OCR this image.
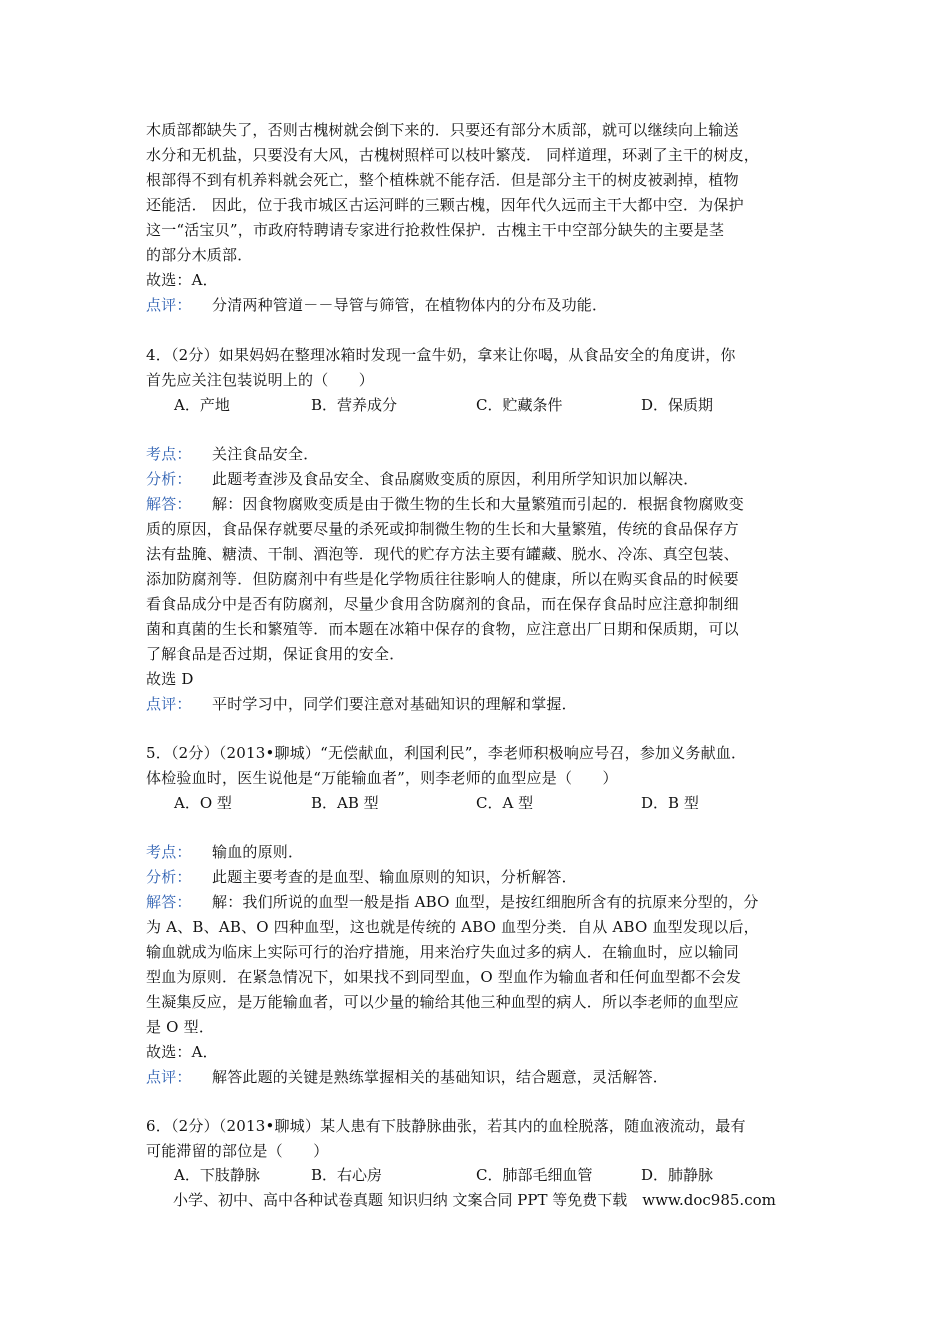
木质部都缺失了，否则古槐树就会倒下来的．只要还有部分木质部，就可以继续向上输送
水分和无机盐，只要没有大风，古槐树照样可以枝叶繁茂． 同样道理，环剥了主干的树皮，
根部得不到有机养料就会死亡，整个植株就不能存活．但是部分主干的树皮被剥掉，植物
还能活． 因此，位于我市城区古运河畔的三颗古槐，因年代久远而主干大都中空．为保护
这一“活宝贝”，市政府特聘请专家进行抢救性保护．古槐主干中空部分缺失的主要是茎
的部分木质部．
故选：A．
点评： 分清两种管道－－导管与筛管，在植物体内的分布及功能．
4．（2分）如果妈妈在整理冰箱时发现一盒牛奶，拿来让你喝，从食品安全的角度讲，你
首先应关注包装说明上的（　　）
A．产地	B．营养成分	C．贮藏条件	D．保质期
考点： 关注食品安全．
分析： 此题考查涉及食品安全、食品腐败变质的原因，利用所学知识加以解决．
解答： 解：因食物腐败变质是由于微生物的生长和大量繁殖而引起的．根据食物腐败变
质的原因，食品保存就要尽量的杀死或抑制微生物的生长和大量繁殖，传统的食品保存方
法有盐腌、糖渍、干制、酒泡等．现代的贮存方法主要有罐藏、脱水、冷冻、真空包装、
添加防腐剂等．但防腐剂中有些是化学物质往往影响人的健康，所以在购买食品的时候要
看食品成分中是否有防腐剂，尽量少食用含防腐剂的食品，而在保存食品时应注意抑制细
菌和真菌的生长和繁殖等．而本题在冰箱中保存的食物，应注意出厂日期和保质期，可以
了解食品是否过期，保证食用的安全．
故选 D
点评： 平时学习中，同学们要注意对基础知识的理解和掌握．
5．（2分）（2013•聊城）“无偿献血，利国利民”，李老师积极响应号召，参加义务献血．
体检验血时，医生说他是“万能输血者”，则李老师的血型应是（　　）
A．O 型	B．AB 型	C．A 型	D．B 型
考点： 输血的原则．
分析： 此题主要考查的是血型、输血原则的知识，分析解答．
解答： 解：我们所说的血型一般是指 ABO 血型，是按红细胞所含有的抗原来分型的，分
为 A、B、AB、O 四种血型，这也就是传统的 ABO 血型分类．自从 ABO 血型发现以后，
输血就成为临床上实际可行的治疗措施，用来治疗失血过多的病人．在输血时，应以输同
型血为原则．在紧急情况下，如果找不到同型血，O 型血作为输血者和任何血型都不会发
生凝集反应，是万能输血者，可以少量的输给其他三种血型的病人．所以李老师的血型应
是 O 型．
故选：A．
点评： 解答此题的关键是熟练掌握相关的基础知识，结合题意，灵活解答．
6．（2分）（2013•聊城）某人患有下肢静脉曲张，若其内的血栓脱落，随血液流动，最有
可能滞留的部位是（　　）
A．下肢静脉	B．右心房	C．肺部毛细血管	D．肺静脉
小学、初中、高中各种试卷真题 知识归纳 文案合同 PPT 等免费下载　www.doc985.com
